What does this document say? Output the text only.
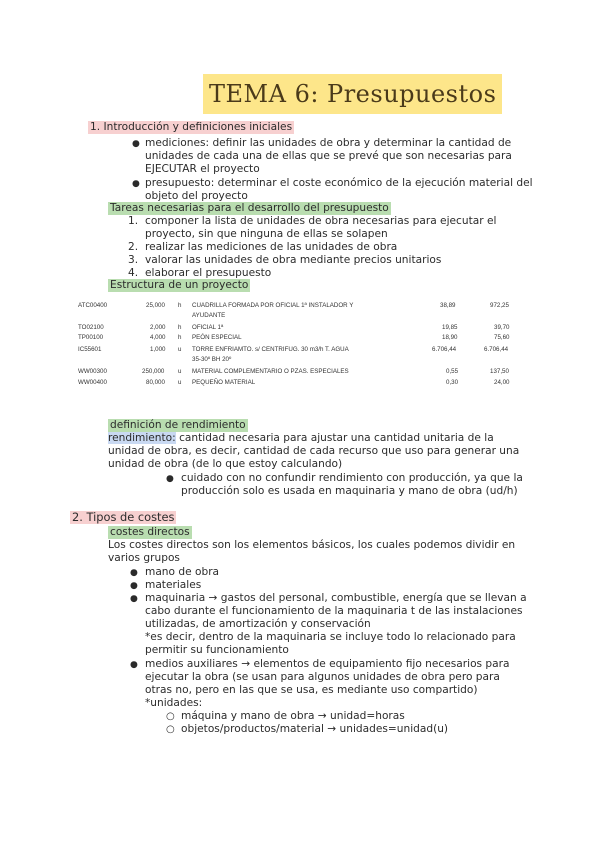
TEMA 6: Presupuestos
1. Introducción y definiciones iniciales
● mediciones: definir las unidades de obra y determinar la cantidad de
unidades de cada una de ellas que se prevé que son necesarias para
EJECUTAR el proyecto
● presupuesto: determinar el coste económico de la ejecución material del
objeto del proyecto
Tareas necesarias para el desarrollo del presupuesto
1. componer la lista de unidades de obra necesarias para ejecutar el
proyecto, sin que ninguna de ellas se solapen
2. realizar las mediciones de las unidades de obra
3. valorar las unidades de obra mediante precios unitarios
4. elaborar el presupuesto
Estructura de un proyecto
ATC00400	25,000 h CUADRILLA FORMADA POR OFICIAL 1ª INSTALADOR Y	38,89	972,25
AYUDANTE
TO02100	2,000 h OFICIAL 1ª	19,85	39,70
TP00100	4,000 h PEÓN ESPECIAL	18,90	75,60
IC55601	1,000 u TORRE ENFRIAMTO. s/ CENTRIFUG. 30 m3/h T. AGUA	6.706,44	6.706,44
35-30º BH 20º
WW00300	250,000 u MATERIAL COMPLEMENTARIO O PZAS. ESPECIALES	0,55	137,50
WW00400	80,000 u PEQUEÑO MATERIAL	0,30	24,00
definición de rendimiento
rendimiento: cantidad necesaria para ajustar una cantidad unitaria de la
unidad de obra, es decir, cantidad de cada recurso que uso para generar una
unidad de obra (de lo que estoy calculando)
● cuidado con no confundir rendimiento con producción, ya que la
producción solo es usada en maquinaria y mano de obra (ud/h)
2. Tipos de costes
costes directos
Los costes directos son los elementos básicos, los cuales podemos dividir en
varios grupos
● mano de obra
● materiales
● maquinaria → gastos del personal, combustible, energía que se llevan a
cabo durante el funcionamiento de la maquinaria t de las instalaciones
utilizadas, de amortización y conservación
*es decir, dentro de la maquinaria se incluye todo lo relacionado para
permitir su funcionamiento
● medios auxiliares → elementos de equipamiento fijo necesarios para
ejecutar la obra (se usan para algunos unidades de obra pero para
otras no, pero en las que se usa, es mediante uso compartido)
*unidades:
○ máquina y mano de obra → unidad=horas
○ objetos/productos/material → unidades=unidad(u)
